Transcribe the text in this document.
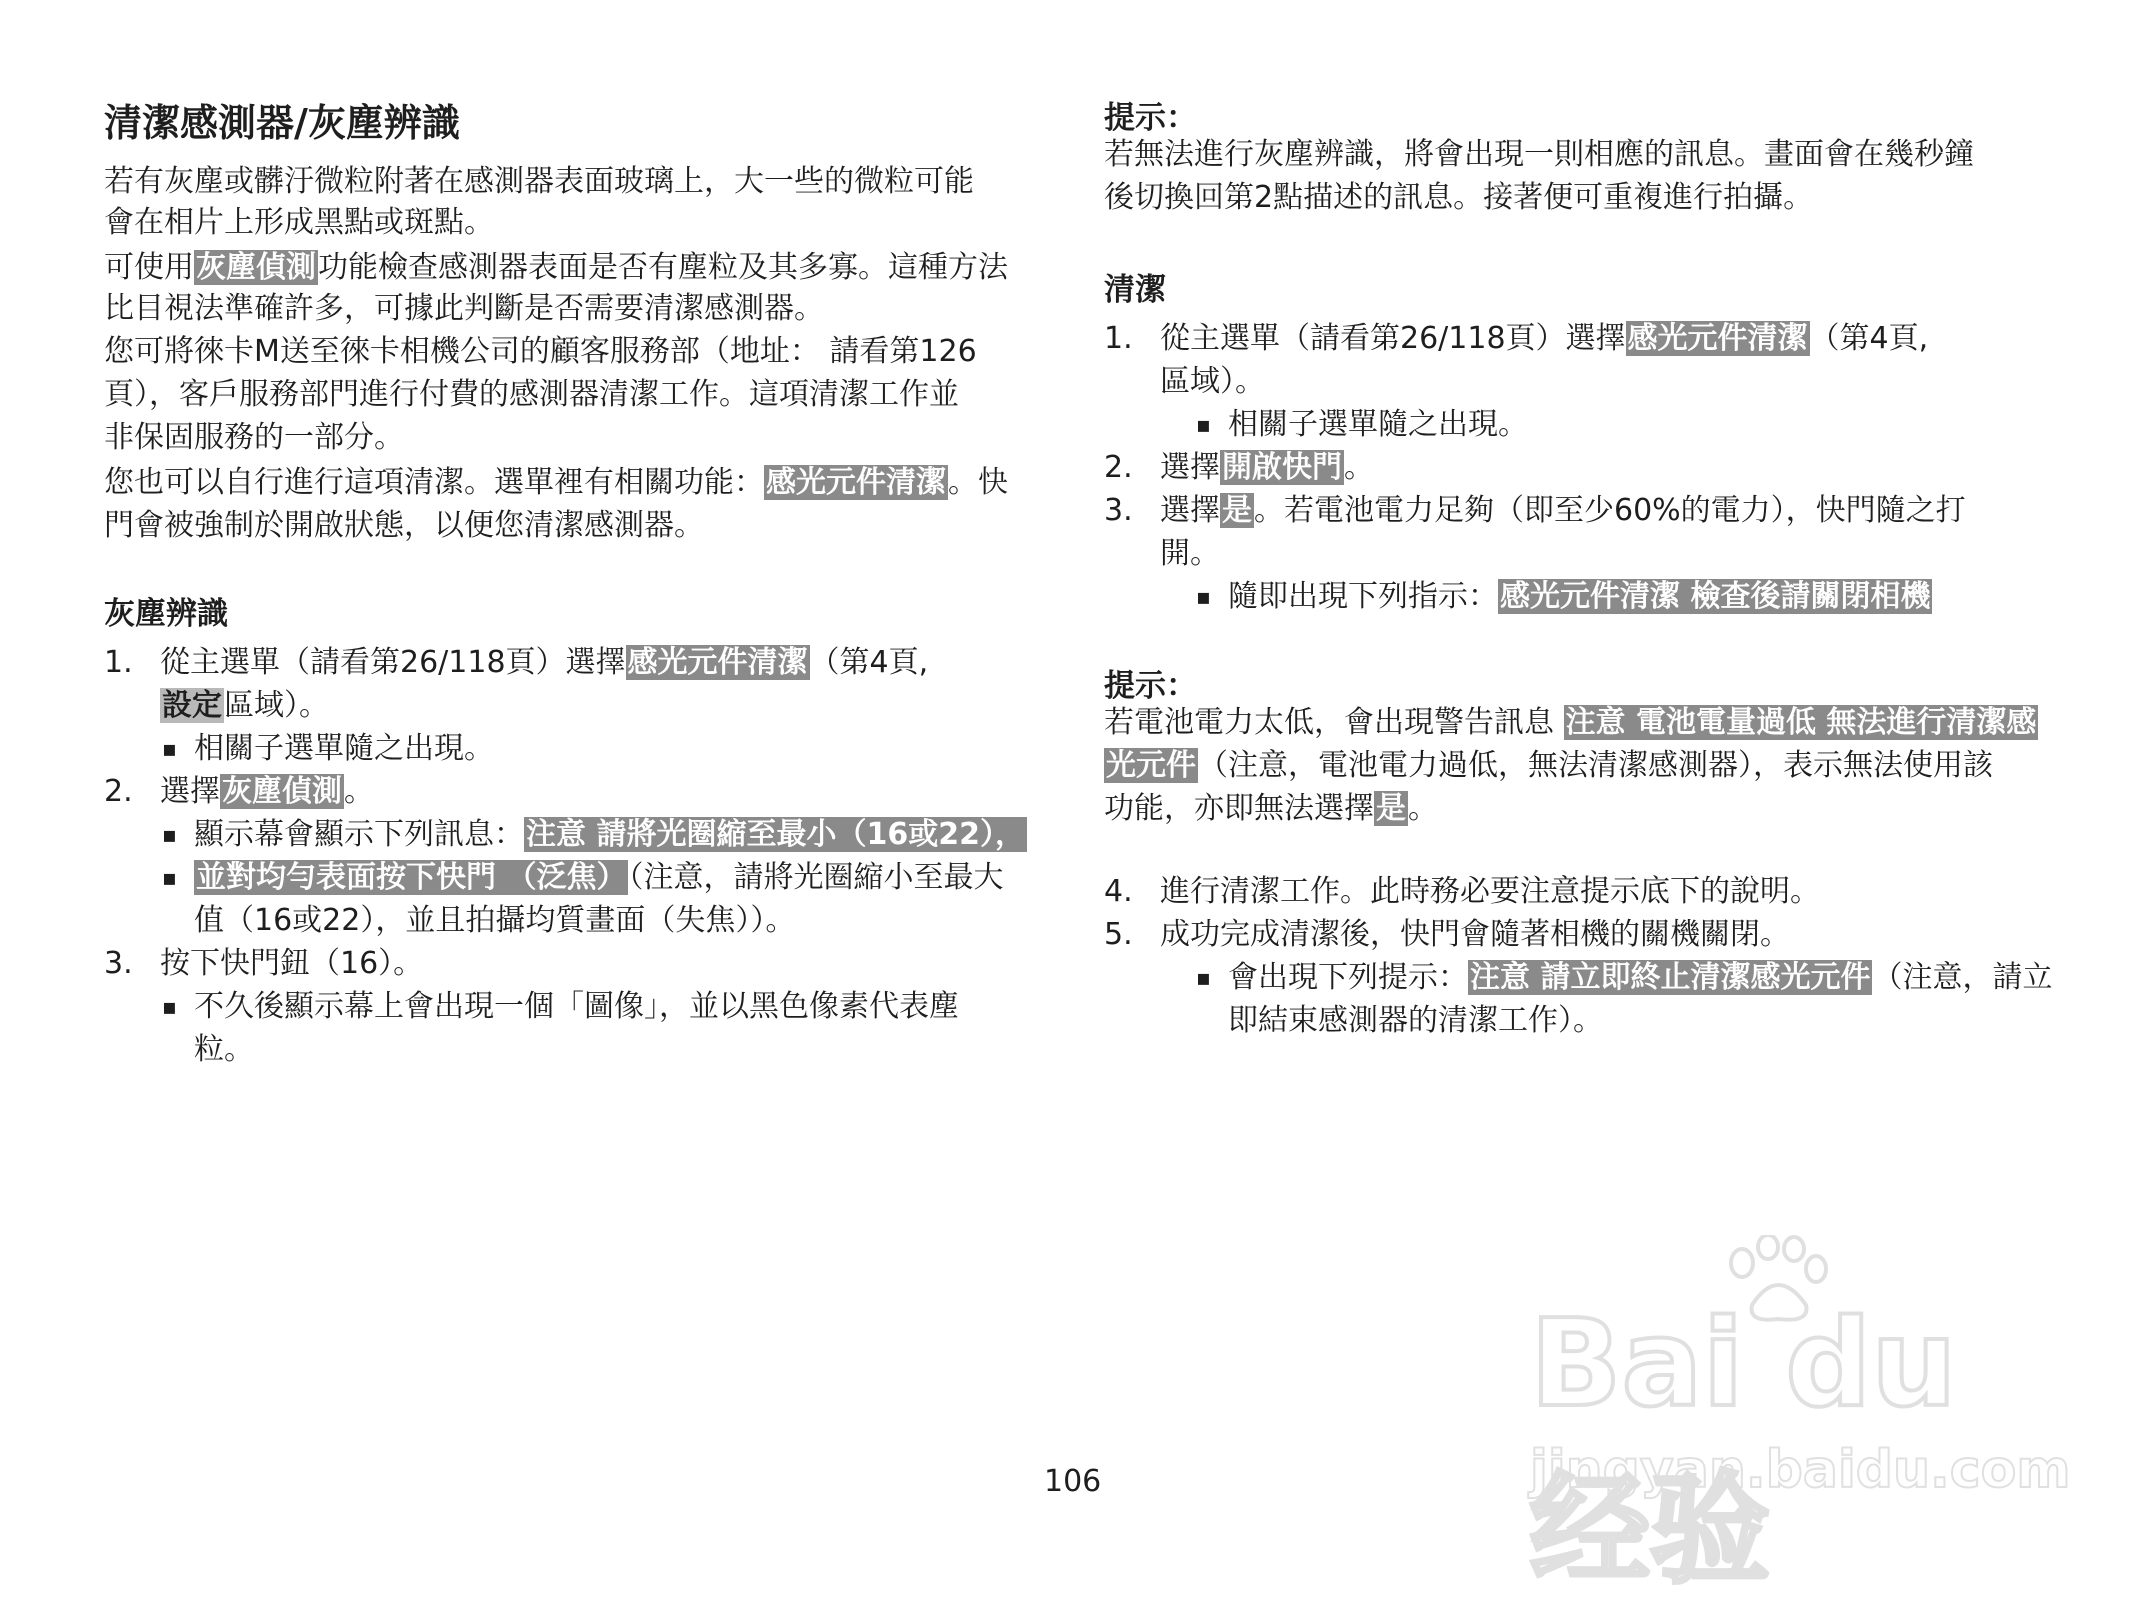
清潔感測器/灰塵辨識
若有灰塵或髒汙微粒附著在感測器表面玻璃上，大一些的微粒可能
會在相片上形成黑點或斑點。
可使用灰塵偵測功能檢查感測器表面是否有塵粒及其多寡。這種方法
比目視法準確許多，可據此判斷是否需要清潔感測器。
您可將徠卡M送至徠卡相機公司的顧客服務部（地址： 請看第126
頁），客戶服務部門進行付費的感測器清潔工作。這項清潔工作並
非保固服務的一部分。
您也可以自行進行這項清潔。選單裡有相關功能：感光元件清潔。快
門會被強制於開啟狀態，以便您清潔感測器。
灰塵辨識
1. 從主選單（請看第26/118頁）選擇感光元件清潔（第4頁,
設定區域）。
▪ 相關子選單隨之出現。
2. 選擇灰塵偵測。
▪ 顯示幕會顯示下列訊息：注意 請將光圈縮至最小（16或22），
▪ 並對均勻表面按下快門 （泛焦）（注意，請將光圈縮小至最大
值（16或22），並且拍攝均質畫面（失焦））。
3. 按下快門鈕（16）。
▪ 不久後顯示幕上會出現一個「圖像」，並以黑色像素代表塵
粒。
提示：
若無法進行灰塵辨識，將會出現一則相應的訊息。畫面會在幾秒鐘
後切換回第2點描述的訊息。接著便可重複進行拍攝。
清潔
1. 從主選單（請看第26/118頁）選擇感光元件清潔（第4頁,
區域）。
▪ 相關子選單隨之出現。
2. 選擇開啟快門。
3. 選擇是。若電池電力足夠（即至少60%的電力），快門隨之打
開。
▪ 隨即出現下列指示：感光元件清潔 檢查後請關閉相機
提示：
若電池電力太低，會出現警告訊息 注意 電池電量過低 無法進行清潔感
光元件（注意，電池電力過低，無法清潔感測器），表示無法使用該
功能，亦即無法選擇是。
4. 進行清潔工作。此時務必要注意提示底下的說明。
5. 成功完成清潔後，快門會隨著相機的關機關閉。
▪ 會出現下列提示：注意 請立即終止清潔感光元件（注意，請立
即結束感測器的清潔工作）。
106
Bai du 经验
jingyan.baidu.com
